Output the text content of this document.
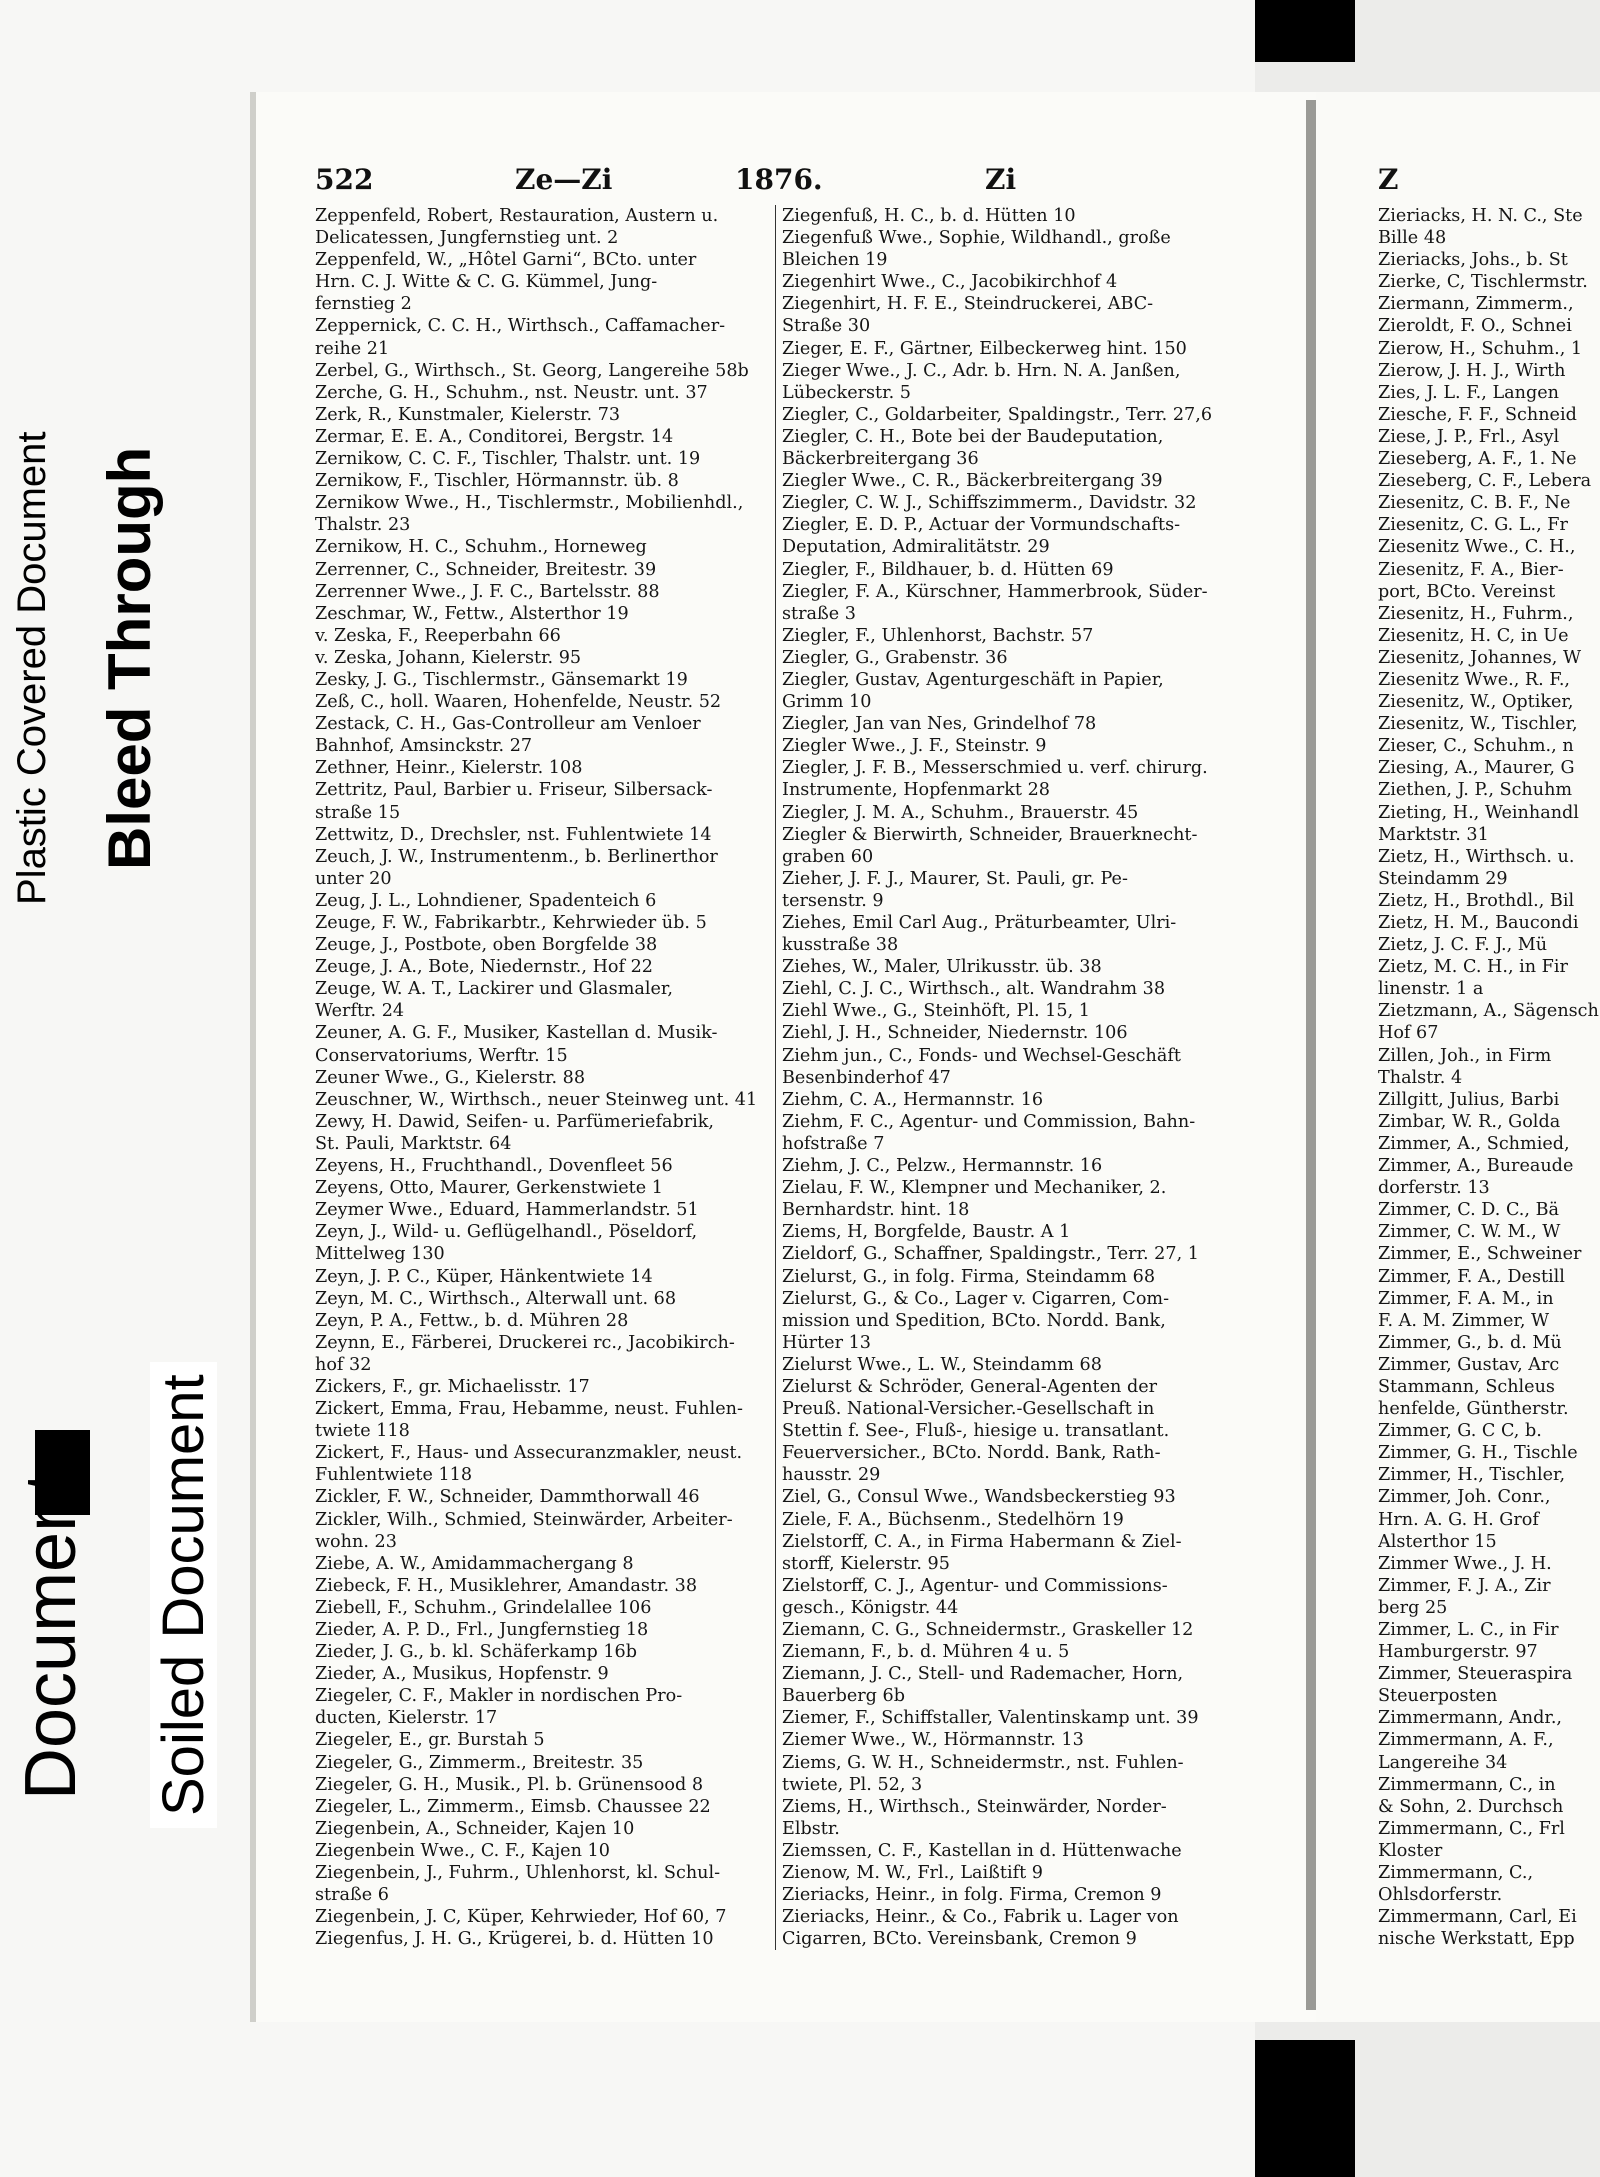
522	Ze—Zi	1876.	Zi	Z
Zeppenfeld, Robert, Restauration, Austern u.
Delicatessen, Jungfernstieg unt. 2
Zeppenfeld, W., „Hôtel Garni“, BCto. unter
Hrn. C. J. Witte & C. G. Kümmel, Jung-
fernstieg 2
Zeppernick, C. C. H., Wirthsch., Caffamacher-
reihe 21
Zerbel, G., Wirthsch., St. Georg, Langereihe 58b
Zerche, G. H., Schuhm., nst. Neustr. unt. 37
Zerk, R., Kunstmaler, Kielerstr. 73
Zermar, E. E. A., Conditorei, Bergstr. 14
Zernikow, C. C. F., Tischler, Thalstr. unt. 19
Zernikow, F., Tischler, Hörmannstr. üb. 8
Zernikow Wwe., H., Tischlermstr., Mobilienhdl.,
Thalstr. 23
Zernikow, H. C., Schuhm., Horneweg
Zerrenner, C., Schneider, Breitestr. 39
Zerrenner Wwe., J. F. C., Bartelsstr. 88
Zeschmar, W., Fettw., Alsterthor 19
v. Zeska, F., Reeperbahn 66
v. Zeska, Johann, Kielerstr. 95
Zesky, J. G., Tischlermstr., Gänsemarkt 19
Zeß, C., holl. Waaren, Hohenfelde, Neustr. 52
Zestack, C. H., Gas-Controlleur am Venloer
Bahnhof, Amsinckstr. 27
Zethner, Heinr., Kielerstr. 108
Zettritz, Paul, Barbier u. Friseur, Silbersack-
straße 15
Zettwitz, D., Drechsler, nst. Fuhlentwiete 14
Zeuch, J. W., Instrumentenm., b. Berlinerthor
unter 20
Zeug, J. L., Lohndiener, Spadenteich 6
Zeuge, F. W., Fabrikarbtr., Kehrwieder üb. 5
Zeuge, J., Postbote, oben Borgfelde 38
Zeuge, J. A., Bote, Niedernstr., Hof 22
Zeuge, W. A. T., Lackirer und Glasmaler,
Werftr. 24
Zeuner, A. G. F., Musiker, Kastellan d. Musik-
Conservatoriums, Werftr. 15
Zeuner Wwe., G., Kielerstr. 88
Zeuschner, W., Wirthsch., neuer Steinweg unt. 41
Zewy, H. Dawid, Seifen- u. Parfümeriefabrik,
St. Pauli, Marktstr. 64
Zeyens, H., Fruchthandl., Dovenfleet 56
Zeyens, Otto, Maurer, Gerkenstwiete 1
Zeymer Wwe., Eduard, Hammerlandstr. 51
Zeyn, J., Wild- u. Geflügelhandl., Pöseldorf,
Mittelweg 130
Zeyn, J. P. C., Küper, Hänkentwiete 14
Zeyn, M. C., Wirthsch., Alterwall unt. 68
Zeyn, P. A., Fettw., b. d. Mühren 28
Zeynn, E., Färberei, Druckerei rc., Jacobikirch-
hof 32
Zickers, F., gr. Michaelisstr. 17
Zickert, Emma, Frau, Hebamme, neust. Fuhlen-
twiete 118
Zickert, F., Haus- und Assecuranzmakler, neust.
Fuhlentwiete 118
Zickler, F. W., Schneider, Dammthorwall 46
Zickler, Wilh., Schmied, Steinwärder, Arbeiter-
wohn. 23
Ziebe, A. W., Amidammachergang 8
Ziebeck, F. H., Musiklehrer, Amandastr. 38
Ziebell, F., Schuhm., Grindelallee 106
Zieder, A. P. D., Frl., Jungfernstieg 18
Zieder, J. G., b. kl. Schäferkamp 16b
Zieder, A., Musikus, Hopfenstr. 9
Ziegeler, C. F., Makler in nordischen Pro-
ducten, Kielerstr. 17
Ziegeler, E., gr. Burstah 5
Ziegeler, G., Zimmerm., Breitestr. 35
Ziegeler, G. H., Musik., Pl. b. Grünensood 8
Ziegeler, L., Zimmerm., Eimsb. Chaussee 22
Ziegenbein, A., Schneider, Kajen 10
Ziegenbein Wwe., C. F., Kajen 10
Ziegenbein, J., Fuhrm., Uhlenhorst, kl. Schul-
straße 6
Ziegenbein, J. C, Küper, Kehrwieder, Hof 60, 7
Ziegenfus, J. H. G., Krügerei, b. d. Hütten 10
Ziegenfuß, H. C., b. d. Hütten 10
Ziegenfuß Wwe., Sophie, Wildhandl., große
Bleichen 19
Ziegenhirt Wwe., C., Jacobikirchhof 4
Ziegenhirt, H. F. E., Steindruckerei, ABC-
Straße 30
Zieger, E. F., Gärtner, Eilbeckerweg hint. 150
Zieger Wwe., J. C., Adr. b. Hrn. N. A. Janßen,
Lübeckerstr. 5
Ziegler, C., Goldarbeiter, Spaldingstr., Terr. 27,6
Ziegler, C. H., Bote bei der Baudeputation,
Bäckerbreitergang 36
Ziegler Wwe., C. R., Bäckerbreitergang 39
Ziegler, C. W. J., Schiffszimmerm., Davidstr. 32
Ziegler, E. D. P., Actuar der Vormundschafts-
Deputation, Admiralitätstr. 29
Ziegler, F., Bildhauer, b. d. Hütten 69
Ziegler, F. A., Kürschner, Hammerbrook, Süder-
straße 3
Ziegler, F., Uhlenhorst, Bachstr. 57
Ziegler, G., Grabenstr. 36
Ziegler, Gustav, Agenturgeschäft in Papier,
Grimm 10
Ziegler, Jan van Nes, Grindelhof 78
Ziegler Wwe., J. F., Steinstr. 9
Ziegler, J. F. B., Messerschmied u. verf. chirurg.
Instrumente, Hopfenmarkt 28
Ziegler, J. M. A., Schuhm., Brauerstr. 45
Ziegler & Bierwirth, Schneider, Brauerknecht-
graben 60
Zieher, J. F. J., Maurer, St. Pauli, gr. Pe-
tersenstr. 9
Ziehes, Emil Carl Aug., Präturbeamter, Ulri-
kusstraße 38
Ziehes, W., Maler, Ulrikusstr. üb. 38
Ziehl, C. J. C., Wirthsch., alt. Wandrahm 38
Ziehl Wwe., G., Steinhöft, Pl. 15, 1
Ziehl, J. H., Schneider, Niedernstr. 106
Ziehm jun., C., Fonds- und Wechsel-Geschäft
Besenbinderhof 47
Ziehm, C. A., Hermannstr. 16
Ziehm, F. C., Agentur- und Commission, Bahn-
hofstraße 7
Ziehm, J. C., Pelzw., Hermannstr. 16
Zielau, F. W., Klempner und Mechaniker, 2.
Bernhardstr. hint. 18
Ziems, H, Borgfelde, Baustr. A 1
Zieldorf, G., Schaffner, Spaldingstr., Terr. 27, 1
Zielurst, G., in folg. Firma, Steindamm 68
Zielurst, G., & Co., Lager v. Cigarren, Com-
mission und Spedition, BCto. Nordd. Bank,
Hürter 13
Zielurst Wwe., L. W., Steindamm 68
Zielurst & Schröder, General-Agenten der
Preuß. National-Versicher.-Gesellschaft in
Stettin f. See-, Fluß-, hiesige u. transatlant.
Feuerversicher., BCto. Nordd. Bank, Rath-
hausstr. 29
Ziel, G., Consul Wwe., Wandsbeckerstieg 93
Ziele, F. A., Büchsenm., Stedelhörn 19
Zielstorff, C. A., in Firma Habermann & Ziel-
storff, Kielerstr. 95
Zielstorff, C. J., Agentur- und Commissions-
gesch., Königstr. 44
Ziemann, C. G., Schneidermstr., Graskeller 12
Ziemann, F., b. d. Mühren 4 u. 5
Ziemann, J. C., Stell- und Rademacher, Horn,
Bauerberg 6b
Ziemer, F., Schiffstaller, Valentinskamp unt. 39
Ziemer Wwe., W., Hörmannstr. 13
Ziems, G. W. H., Schneidermstr., nst. Fuhlen-
twiete, Pl. 52, 3
Ziems, H., Wirthsch., Steinwärder, Norder-
Elbstr.
Ziemssen, C. F., Kastellan in d. Hüttenwache
Zienow, M. W., Frl., Laißtift 9
Zieriacks, Heinr., in folg. Firma, Cremon 9
Zieriacks, Heinr., & Co., Fabrik u. Lager von
Cigarren, BCto. Vereinsbank, Cremon 9
Zieriacks, H. N. C., Ste
Bille 48
Zieriacks, Johs., b. St
Zierke, C, Tischlermstr.
Ziermann, Zimmerm.,
Zieroldt, F. O., Schnei
Zierow, H., Schuhm., 1
Zierow, J. H. J., Wirth
Zies, J. L. F., Langen
Ziesche, F. F., Schneid
Ziese, J. P., Frl., Asyl
Zieseberg, A. F., 1. Ne
Zieseberg, C. F., Lebera
Ziesenitz, C. B. F., Ne
Ziesenitz, C. G. L., Fr
Ziesenitz Wwe., C. H.,
Ziesenitz, F. A., Bier-
port, BCto. Vereinst
Ziesenitz, H., Fuhrm.,
Ziesenitz, H. C, in Ue
Ziesenitz, Johannes, W
Ziesenitz Wwe., R. F.,
Ziesenitz, W., Optiker,
Ziesenitz, W., Tischler,
Zieser, C., Schuhm., n
Ziesing, A., Maurer, G
Ziethen, J. P., Schuhm
Zieting, H., Weinhandl
Marktstr. 31
Zietz, H., Wirthsch. u.
Steindamm 29
Zietz, H., Brothdl., Bil
Zietz, H. M., Baucondi
Zietz, J. C. F. J., Mü
Zietz, M. C. H., in Fir
linenstr. 1 a
Zietzmann, A., Sägensch
Hof 67
Zillen, Joh., in Firm
Thalstr. 4
Zillgitt, Julius, Barbi
Zimbar, W. R., Golda
Zimmer, A., Schmied,
Zimmer, A., Bureaude
dorferstr. 13
Zimmer, C. D. C., Bä
Zimmer, C. W. M., W
Zimmer, E., Schweiner
Zimmer, F. A., Destill
Zimmer, F. A. M., in
F. A. M. Zimmer, W
Zimmer, G., b. d. Mü
Zimmer, Gustav, Arc
Stammann, Schleus
henfelde, Güntherstr.
Zimmer, G. C C, b.
Zimmer, G. H., Tischle
Zimmer, H., Tischler,
Zimmer, Joh. Conr.,
Hrn. A. G. H. Grof
Alsterthor 15
Zimmer Wwe., J. H.
Zimmer, F. J. A., Zir
berg 25
Zimmer, L. C., in Fir
Hamburgerstr. 97
Zimmer, Steueraspira
Steuerposten
Zimmermann, Andr.,
Zimmermann, A. F.,
Langereihe 34
Zimmermann, C., in
& Sohn, 2. Durchsch
Zimmermann, C., Frl
Kloster
Zimmermann, C.,
Ohlsdorferstr.
Zimmermann, Carl, Ei
nische Werkstatt, Epp
Plastic Covered Document Bleed Through
Document Soiled Document
